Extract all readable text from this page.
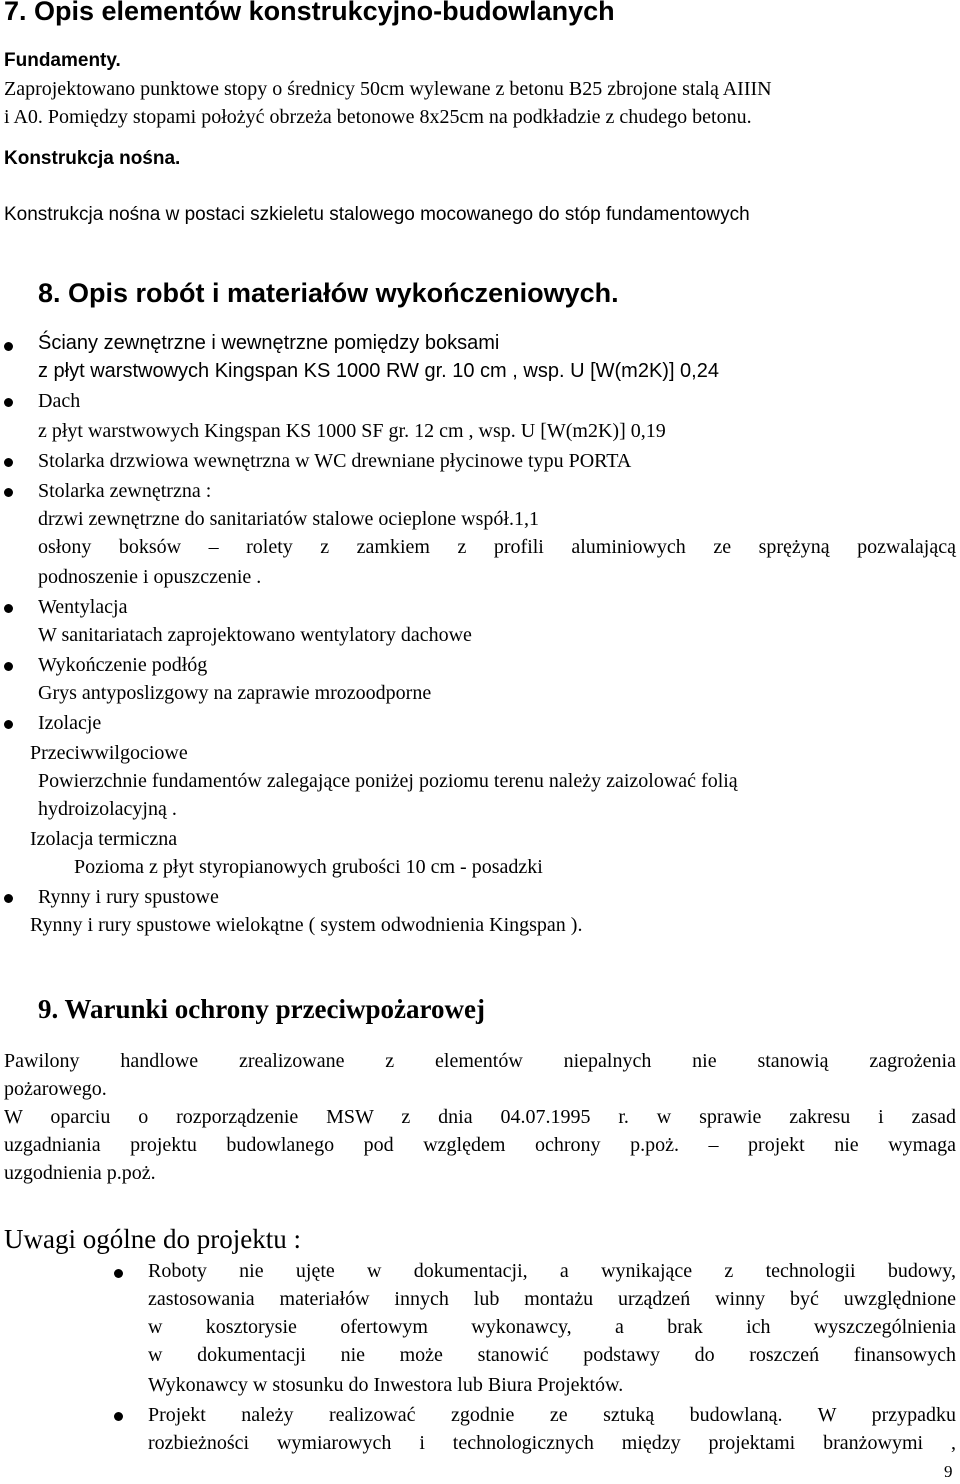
7. Opis elementów konstrukcyjno-budowlanych
Fundamenty.
Zaprojektowano punktowe stopy o średnicy 50cm wylewane z betonu B25 zbrojone stalą AIIIN
i A0. Pomiędzy stopami położyć obrzeża betonowe 8x25cm na podkładzie z chudego betonu.
Konstrukcja nośna.
Konstrukcja nośna w postaci szkieletu stalowego mocowanego do stóp fundamentowych
8. Opis robót i materiałów wykończeniowych.
Ściany zewnętrzne i wewnętrzne pomiędzy boksami
z płyt warstwowych Kingspan KS 1000 RW gr. 10 cm , wsp. U [W(m2K)] 0,24
Dach
z płyt warstwowych Kingspan KS 1000 SF gr. 12 cm , wsp. U [W(m2K)] 0,19
Stolarka drzwiowa wewnętrzna w WC drewniane płycinowe typu PORTA
Stolarka zewnętrzna :
drzwi zewnętrzne do sanitariatów stalowe ocieplone współ.1,1
osłony boksów – rolety z zamkiem z profili aluminiowych ze sprężyną pozwalającą
podnoszenie i opuszczenie .
Wentylacja
W sanitariatach zaprojektowano wentylatory dachowe
Wykończenie podłóg
Grys antyposlizgowy na zaprawie mrozoodporne
Izolacje
Przeciwwilgociowe
Powierzchnie fundamentów zalegające poniżej poziomu terenu należy zaizolować folią
hydroizolacyjną .
Izolacja termiczna
Pozioma z płyt styropianowych grubości 10 cm - posadzki
Rynny i rury spustowe
Rynny i rury spustowe wielokątne ( system odwodnienia Kingspan ).
9. Warunki ochrony przeciwpożarowej
Pawilony handlowe zrealizowane z elementów niepalnych nie stanowią zagrożenia
pożarowego.
W oparciu o rozporządzenie MSW z dnia 04.07.1995 r. w sprawie zakresu i zasad
uzgadniania projektu budowlanego pod względem ochrony p.poż. – projekt nie wymaga
uzgodnienia p.poż.
Uwagi ogólne do projektu :
Roboty nie ujęte w dokumentacji, a wynikające z technologii budowy,
zastosowania materiałów innych lub montażu urządzeń winny być uwzględnione
w kosztorysie ofertowym wykonawcy, a brak ich wyszczególnienia
w dokumentacji nie może stanowić podstawy do roszczeń finansowych
Wykonawcy w stosunku do Inwestora lub Biura Projektów.
Projekt należy realizować zgodnie ze sztuką budowlaną. W przypadku
rozbieżności wymiarowych i technologicznych między projektami branżowymi ,
9
